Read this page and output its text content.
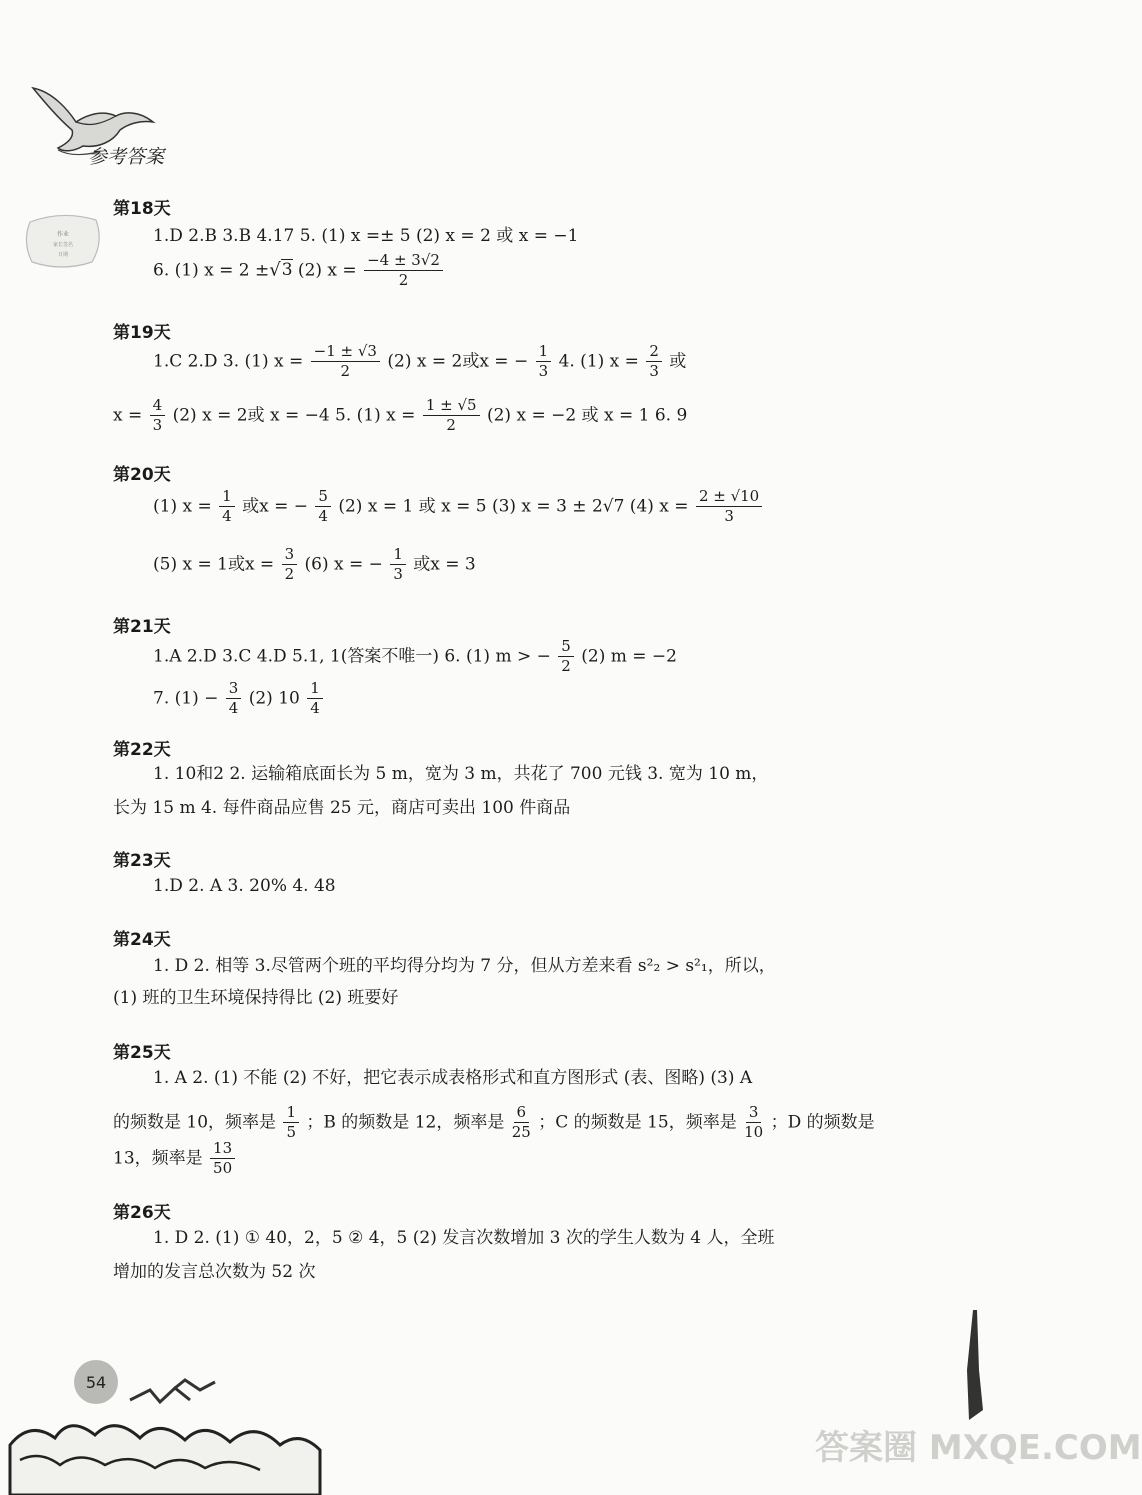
参考答案
作业
家长签名
日期
第18天
1.D 2.B 3.B 4.17 5. (1) x =± 5 (2) x = 2 或 x = −1
6. (1) x = 2 ±√3 (2) $x = \frac{-4 \pm 3√2}{2}$
第19天
1.C 2.D 3. (1) $x = \frac{-1 \pm √3}{2} (2) x = 2$或x = − $\frac{1}{3} 4$. (1) $x = \frac{2}{3}$ 或
$x = \frac{4}{3} (2) x = 2$或 x = −4 5. (1) $x = \frac{1 \pm √5}{2} (2) x = -2$ 或 x = 1 6. 9
第20天
(1) $x = \frac{1}{4}$ 或x = − $\frac{5}{4} (2) x = 1$ 或 x = 5 (3) x = 3 ± 2√7 (4) $x = \frac{2 \pm √10}{3}$
(5) x = 1或$x = \frac{3}{2} (6) x$ = − $\frac{1}{3}$ 或x = 3
第21天
1.A 2.D 3.C 4.D 5.1, 1(答案不唯一) 6. (1) m > − $\frac{5}{2} (2) m = -2$
7. $(1) - \frac{3}{4} (2)$ $10 \frac{1}{4}$
第22天
1. 10和2 2. 运输箱底面长为 5 m，宽为 3 m，共花了 700 元钱 3. 宽为 10 m，
长为 15 m 4. 每件商品应售 25 元，商店可卖出 100 件商品
第23天
1.D 2. A 3. 20% 4. 48
第24天
1. D 2. 相等 3.尽管两个班的平均得分均为 7 分，但从方差来看 s²₂ > s²₁，所以，
(1) 班的卫生环境保持得比 (2) 班要好
第25天
1. A 2. (1) 不能 (2) 不好，把它表示成表格形式和直方图形式 (表、图略) (3) A
的频数是 10，频率是 $\frac{1}{5}$ ；B 的频数是 12，频率是 $\frac{6}{25}$ ；C 的频数是 15，频率是 $\frac{3}{10}$ ；D 的频数是
13，频率是 $\frac{13}{50}$
第26天
1. D 2. (1) ① 40，2，5 ② 4，5 (2) 发言次数增加 3 次的学生人数为 4 人，全班
增加的发言总次数为 52 次
54
答案圈 MXQE.COM
